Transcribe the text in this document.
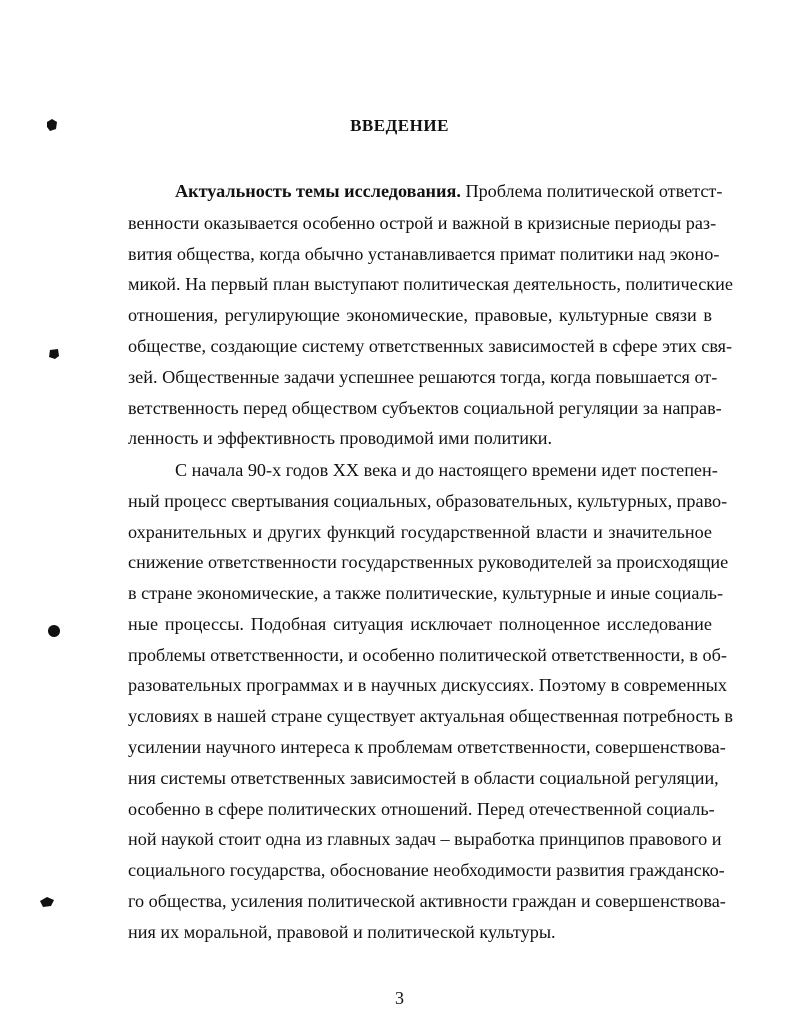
ВВЕДЕНИЕ
Актуальность темы исследования. Проблема политической ответст-
венности оказывается особенно острой и важной в кризисные периоды раз-
вития общества, когда обычно устанавливается примат политики над эконо-
микой. На первый план выступают политическая деятельность, политические
отношения, регулирующие экономические, правовые, культурные связи в
обществе, создающие систему ответственных зависимостей в сфере этих свя-
зей. Общественные задачи успешнее решаются тогда, когда повышается от-
ветственность перед обществом субъектов социальной регуляции за направ-
ленность и эффективность проводимой ими политики.
С начала 90-х годов XX века и до настоящего времени идет постепен-
ный процесс свертывания социальных, образовательных, культурных, право-
охранительных и других функций государственной власти и значительное
снижение ответственности государственных руководителей за происходящие
в стране экономические, а также политические, культурные и иные социаль-
ные процессы. Подобная ситуация исключает полноценное исследование
проблемы ответственности, и особенно политической ответственности, в об-
разовательных программах и в научных дискуссиях. Поэтому в современных
условиях в нашей стране существует актуальная общественная потребность в
усилении научного интереса к проблемам ответственности, совершенствова-
ния системы ответственных зависимостей в области социальной регуляции,
особенно в сфере политических отношений. Перед отечественной социаль-
ной наукой стоит одна из главных задач – выработка принципов правового и
социального государства, обоснование необходимости развития гражданско-
го общества, усиления политической активности граждан и совершенствова-
ния их моральной, правовой и политической культуры.
3
